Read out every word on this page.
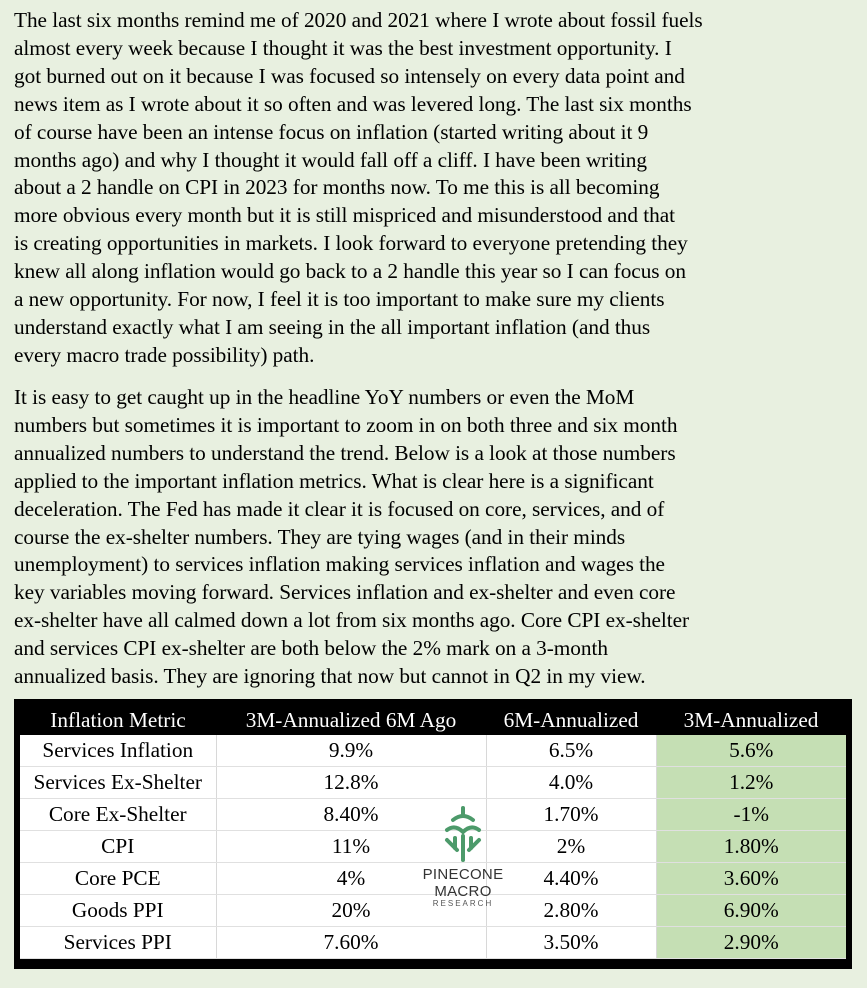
The last six months remind me of 2020 and 2021 where I wrote about fossil fuels
almost every week because I thought it was the best investment opportunity. I
got burned out on it because I was focused so intensely on every data point and
news item as I wrote about it so often and was levered long. The last six months
of course have been an intense focus on inflation (started writing about it 9
months ago) and why I thought it would fall off a cliff. I have been writing
about a 2 handle on CPI in 2023 for months now. To me this is all becoming
more obvious every month but it is still mispriced and misunderstood and that
is creating opportunities in markets. I look forward to everyone pretending they
knew all along inflation would go back to a 2 handle this year so I can focus on
a new opportunity. For now, I feel it is too important to make sure my clients
understand exactly what I am seeing in the all important inflation (and thus
every macro trade possibility) path.

It is easy to get caught up in the headline YoY numbers or even the MoM
numbers but sometimes it is important to zoom in on both three and six month
annualized numbers to understand the trend. Below is a look at those numbers
applied to the important inflation metrics. What is clear here is a significant
deceleration. The Fed has made it clear it is focused on core, services, and of
course the ex-shelter numbers. They are tying wages (and in their minds
unemployment) to services inflation making services inflation and wages the
key variables moving forward. Services inflation and ex-shelter and even core
ex-shelter have all calmed down a lot from six months ago. Core CPI ex-shelter
and services CPI ex-shelter are both below the 2% mark on a 3-month
annualized basis. They are ignoring that now but cannot in Q2 in my view.

Inflation Metric	3M-Annualized 6M Ago	6M-Annualized	3M-Annualized
Services Inflation	9.9%	6.5%	5.6%
Services Ex-Shelter	12.8%	4.0%	1.2%
Core Ex-Shelter	8.40%	1.70%	-1%
CPI	11%	2%	1.80%
Core PCE	4%	4.40%	3.60%
Goods PPI	20%	2.80%	6.90%
Services PPI	7.60%	3.50%	2.90%
PINECONE MACRO
RESEARCH
